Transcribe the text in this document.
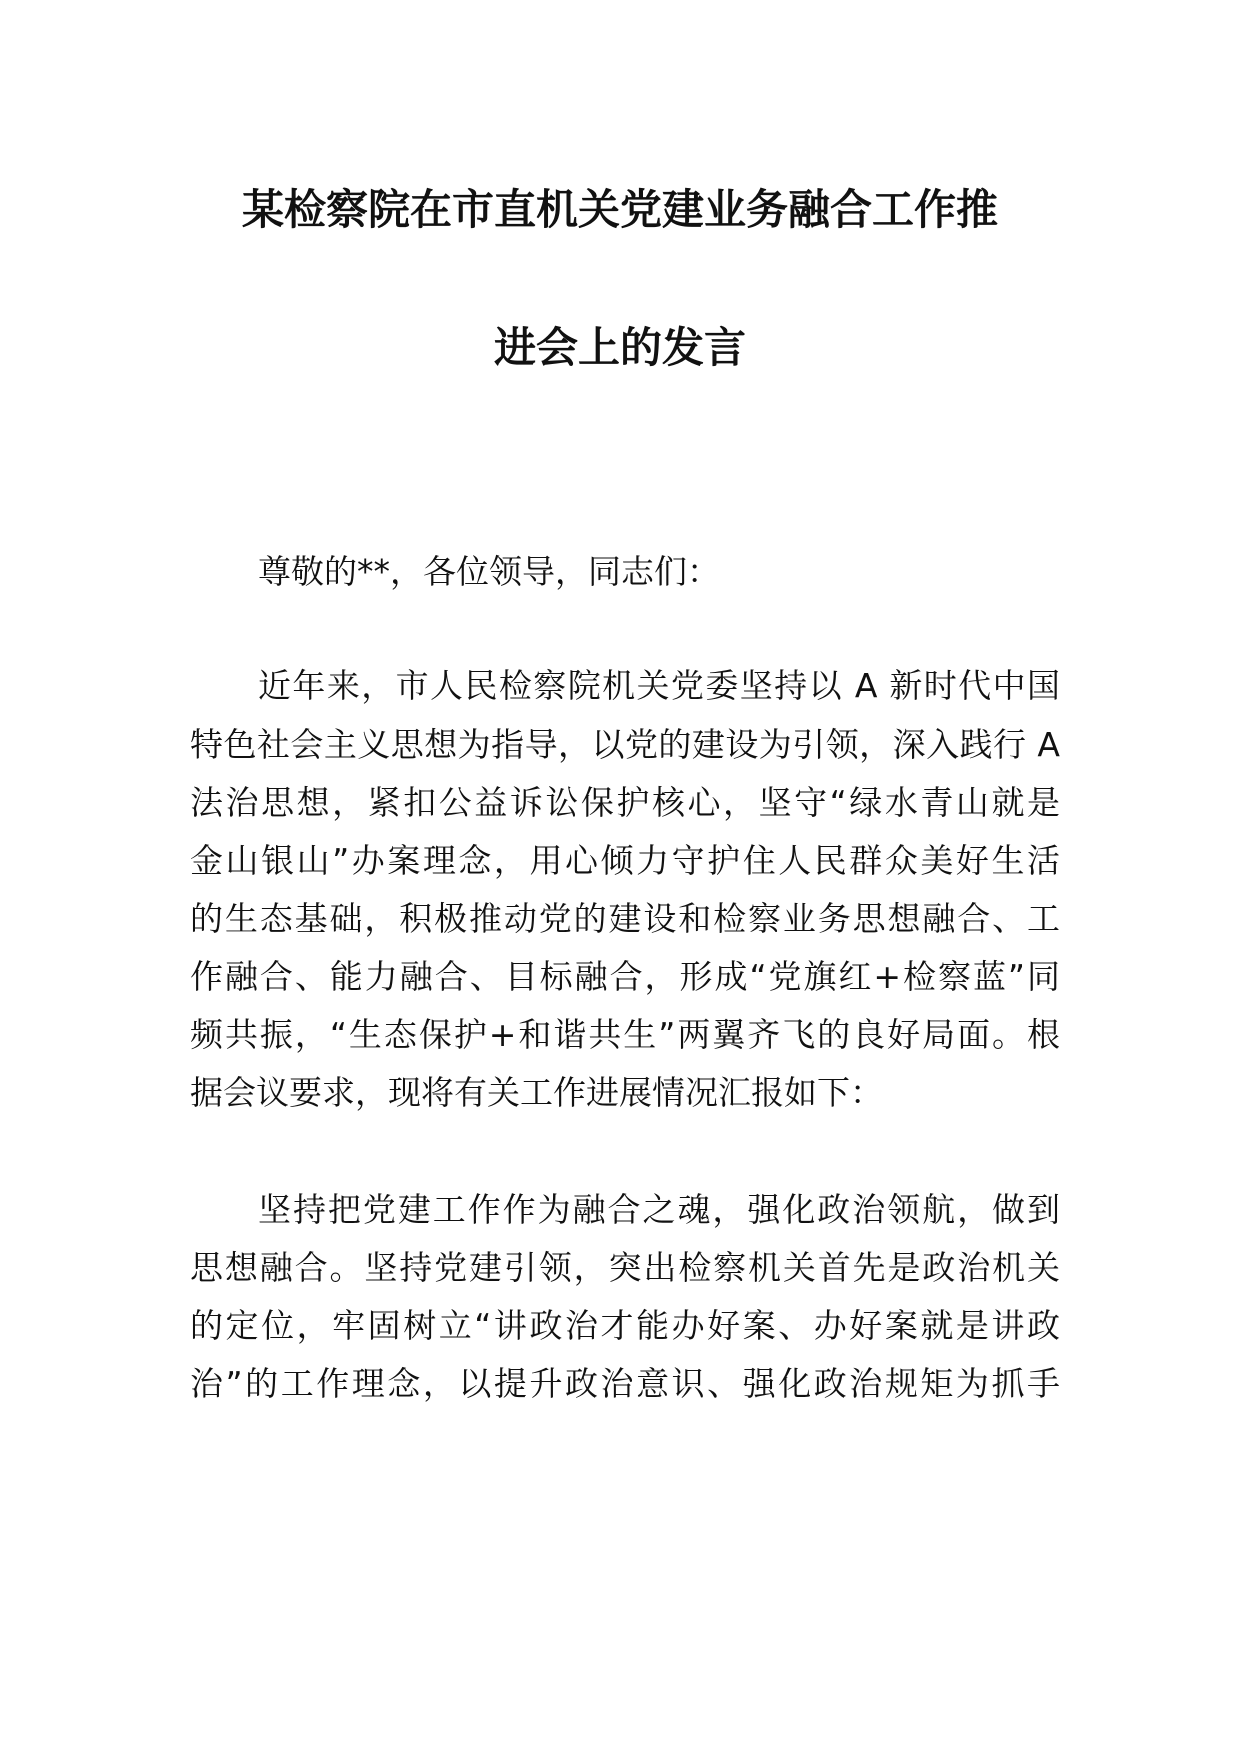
某检察院在市直机关党建业务融合工作推
进会上的发言
尊敬的**，各位领导，同志们：
近年来，市人民检察院机关党委坚持以 A 新时代中国
特色社会主义思想为指导，以党的建设为引领，深入践行 A
法治思想，紧扣公益诉讼保护核心，坚守“绿水青山就是
金山银山”办案理念，用心倾力守护住人民群众美好生活
的生态基础，积极推动党的建设和检察业务思想融合、工
作融合、能力融合、目标融合，形成“党旗红+检察蓝”同
频共振，“生态保护+和谐共生”两翼齐飞的良好局面。根
据会议要求，现将有关工作进展情况汇报如下：
坚持把党建工作作为融合之魂，强化政治领航，做到
思想融合。坚持党建引领，突出检察机关首先是政治机关
的定位，牢固树立“讲政治才能办好案、办好案就是讲政
治”的工作理念，以提升政治意识、强化政治规矩为抓手
